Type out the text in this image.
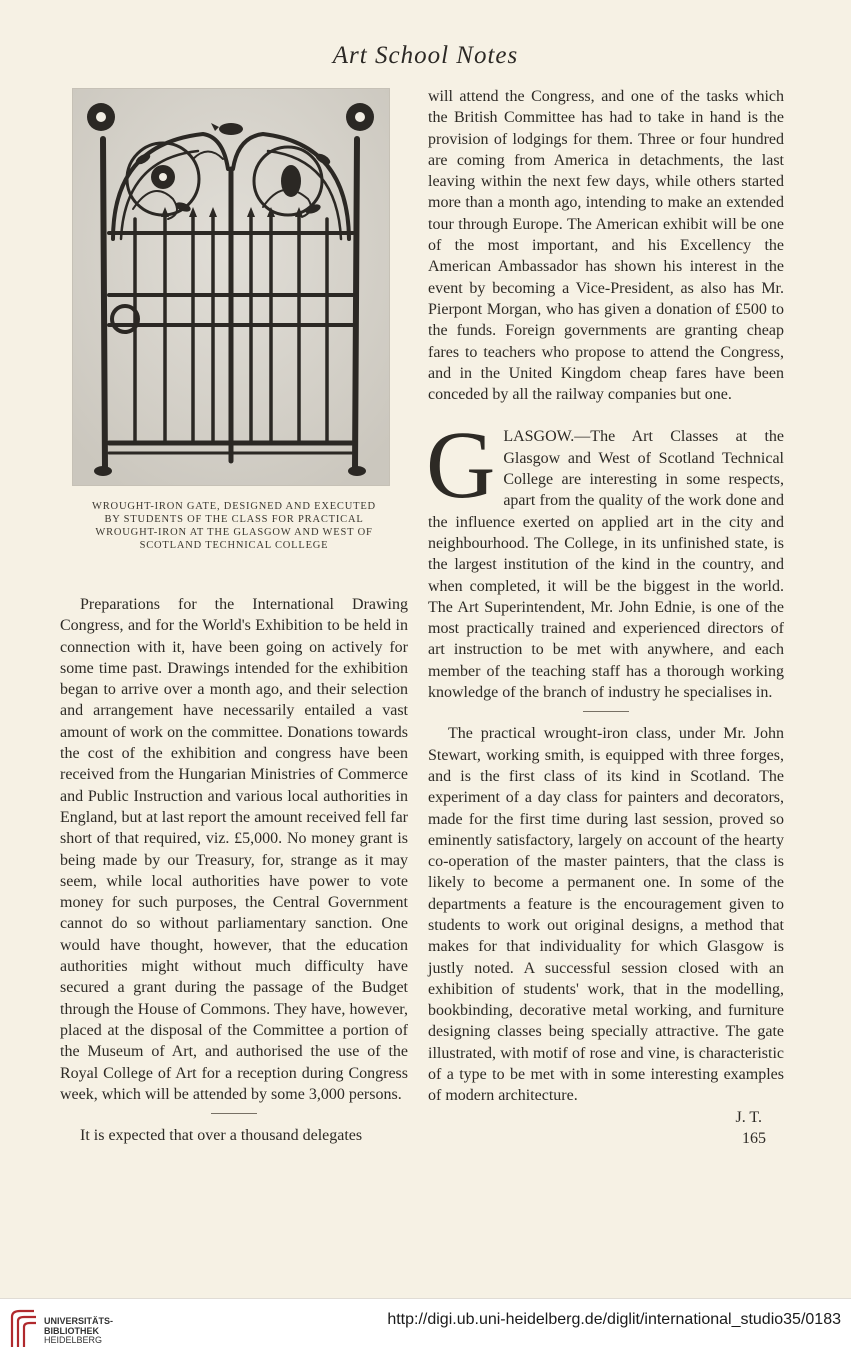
Art School Notes
WROUGHT-IRON GATE, DESIGNED AND EXECUTED
BY STUDENTS OF THE CLASS FOR PRACTICAL
WROUGHT-IRON AT THE GLASGOW AND WEST OF
SCOTLAND TECHNICAL COLLEGE

Preparations for the International Drawing Congress, and for the World's Exhibition to be held in connection with it, have been going on actively for some time past. Drawings intended for the exhibition began to arrive over a month ago, and their selection and arrangement have necessarily entailed a vast amount of work on the committee. Donations towards the cost of the exhibition and congress have been received from the Hungarian Ministries of Commerce and Public Instruction and various local authorities in England, but at last report the amount received fell far short of that required, viz. £5,000. No money grant is being made by our Treasury, for, strange as it may seem, while local authorities have power to vote money for such purposes, the Central Government cannot do so without parliamentary sanction. One would have thought, however, that the education authorities might without much difficulty have secured a grant during the passage of the Budget through the House of Commons. They have, however, placed at the disposal of the Committee a portion of the Museum of Art, and authorised the use of the Royal College of Art for a reception during Congress week, which will be attended by some 3,000 persons.

It is expected that over a thousand delegates

will attend the Congress, and one of the tasks which the British Committee has had to take in hand is the provision of lodgings for them. Three or four hundred are coming from America in detachments, the last leaving within the next few days, while others started more than a month ago, intending to make an extended tour through Europe. The American exhibit will be one of the most important, and his Excellency the American Ambassador has shown his interest in the event by becoming a Vice-President, as also has Mr. Pierpont Morgan, who has given a donation of £500 to the funds. Foreign governments are granting cheap fares to teachers who propose to attend the Congress, and in the United Kingdom cheap fares have been conceded by all the railway companies but one.

G LASGOW.—The Art Classes at the Glasgow and West of Scotland Technical College are interesting in some respects, apart from the quality of the work done and the influence exerted on applied art in the city and neighbourhood. The College, in its unfinished state, is the largest institution of the kind in the country, and when completed, it will be the biggest in the world. The Art Superintendent, Mr. John Ednie, is one of the most practically trained and experienced directors of art instruction to be met with anywhere, and each member of the teaching staff has a thorough working knowledge of the branch of industry he specialises in.

The practical wrought-iron class, under Mr. John Stewart, working smith, is equipped with three forges, and is the first class of its kind in Scotland. The experiment of a day class for painters and decorators, made for the first time during last session, proved so eminently satisfactory, largely on account of the hearty co-operation of the master painters, that the class is likely to become a permanent one. In some of the departments a feature is the encouragement given to students to work out original designs, a method that makes for that individuality for which Glasgow is justly noted. A successful session closed with an exhibition of students' work, that in the modelling, bookbinding, decorative metal working, and furniture designing classes being specially attractive. The gate illustrated, with motif of rose and vine, is characteristic of a type to be met with in some interesting examples of modern architecture.

J. T.
165
UNIVERSITÄTS-
BIBLIOTHEK
HEIDELBERG
http://digi.ub.uni-heidelberg.de/diglit/international_studio35/0183
